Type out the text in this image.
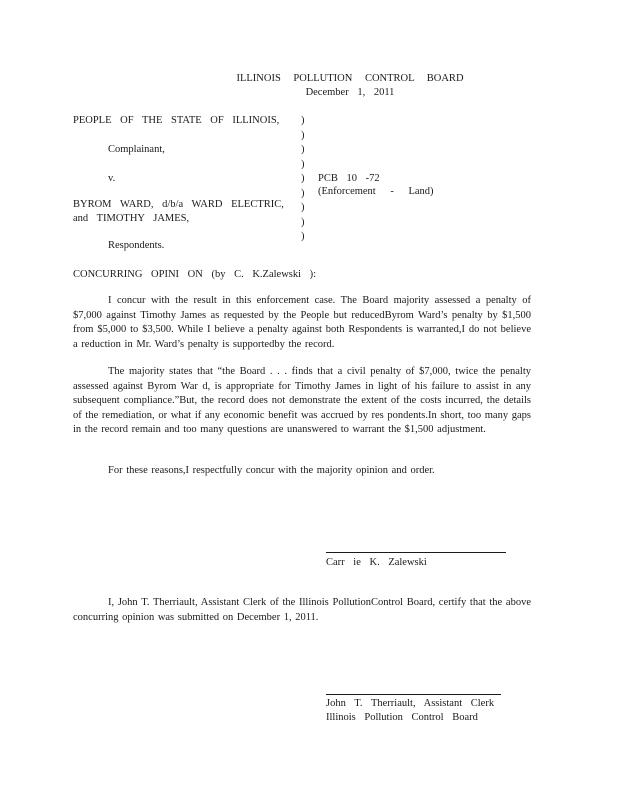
ILLINOIS POLLUTION CONTROL BOARD
December 1, 2011
PEOPLE OF THE STATE OF ILLINOIS,
Complainant,
v.
BYROM WARD, d/b/a WARD ELECTRIC,
and TIMOTHY JAMES,
Respondents.
)
)
)
)
)
)
)
)
)
PCB 10 -72
(Enforcement - Land)
CONCURRING OPINI ON (by C. K.Zalewski ):
I concur with the result in this enforcement case. The Board majority assessed a penalty of $7,000 against Timothy James as requested by the People but reducedByrom Ward’s penalty by $1,500 from $5,000 to $3,500. While I believe a penalty against both Respondents is warranted,I do not believe a reduction in Mr. Ward’s penalty is supportedby the record.
The majority states that “the Board . . . finds that a civil penalty of $7,000, twice the penalty assessed against Byrom War d, is appropriate for Timothy James in light of his failure to assist in any subsequent compliance.”But, the record does not demonstrate the extent of the costs incurred, the details of the remediation, or what if any economic benefit was accrued by res pondents.In short, too many gaps in the record remain and too many questions are unanswered to warrant the $1,500 adjustment.
For these reasons,I respectfully concur with the majority opinion and order.
Carr ie K. Zalewski
I, John T. Therriault, Assistant Clerk of the Illinois PollutionControl Board, certify that the above concurring opinion was submitted on December 1, 2011.
John T. Therriault, Assistant Clerk
Illinois Pollution Control Board
